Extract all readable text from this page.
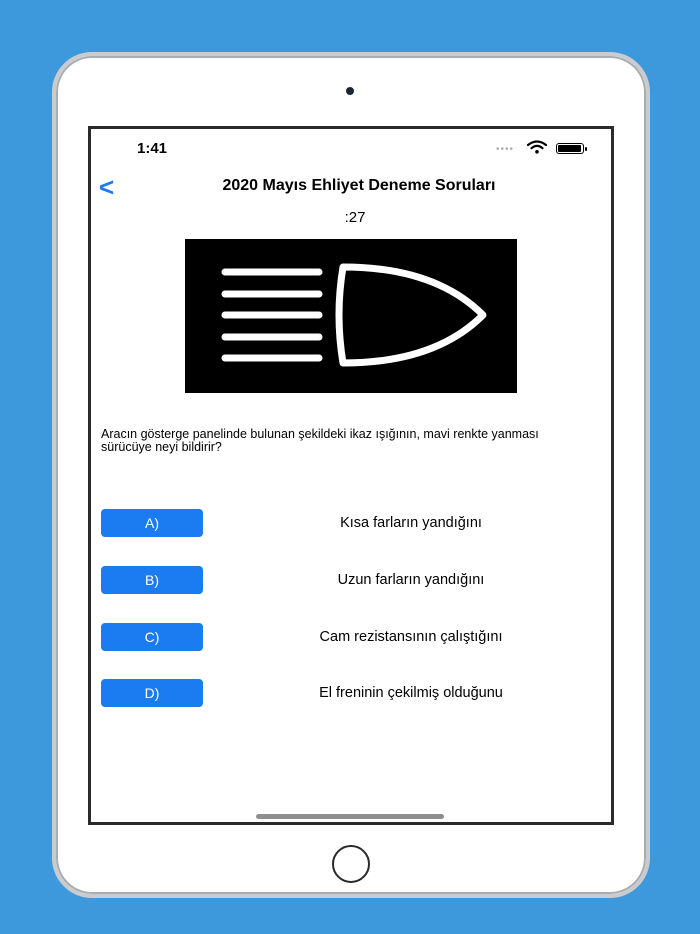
1:41	••••
<	2020 Mayıs Ehliyet Deneme Soruları
:27
Aracın gösterge panelinde bulunan şekildeki ikaz ışığının, mavi renkte yanması sürücüye neyi bildirir?
A)	Kısa farların yandığını
B)	Uzun farların yandığını
C)	Cam rezistansının çalıştığını
D)	El freninin çekilmiş olduğunu
